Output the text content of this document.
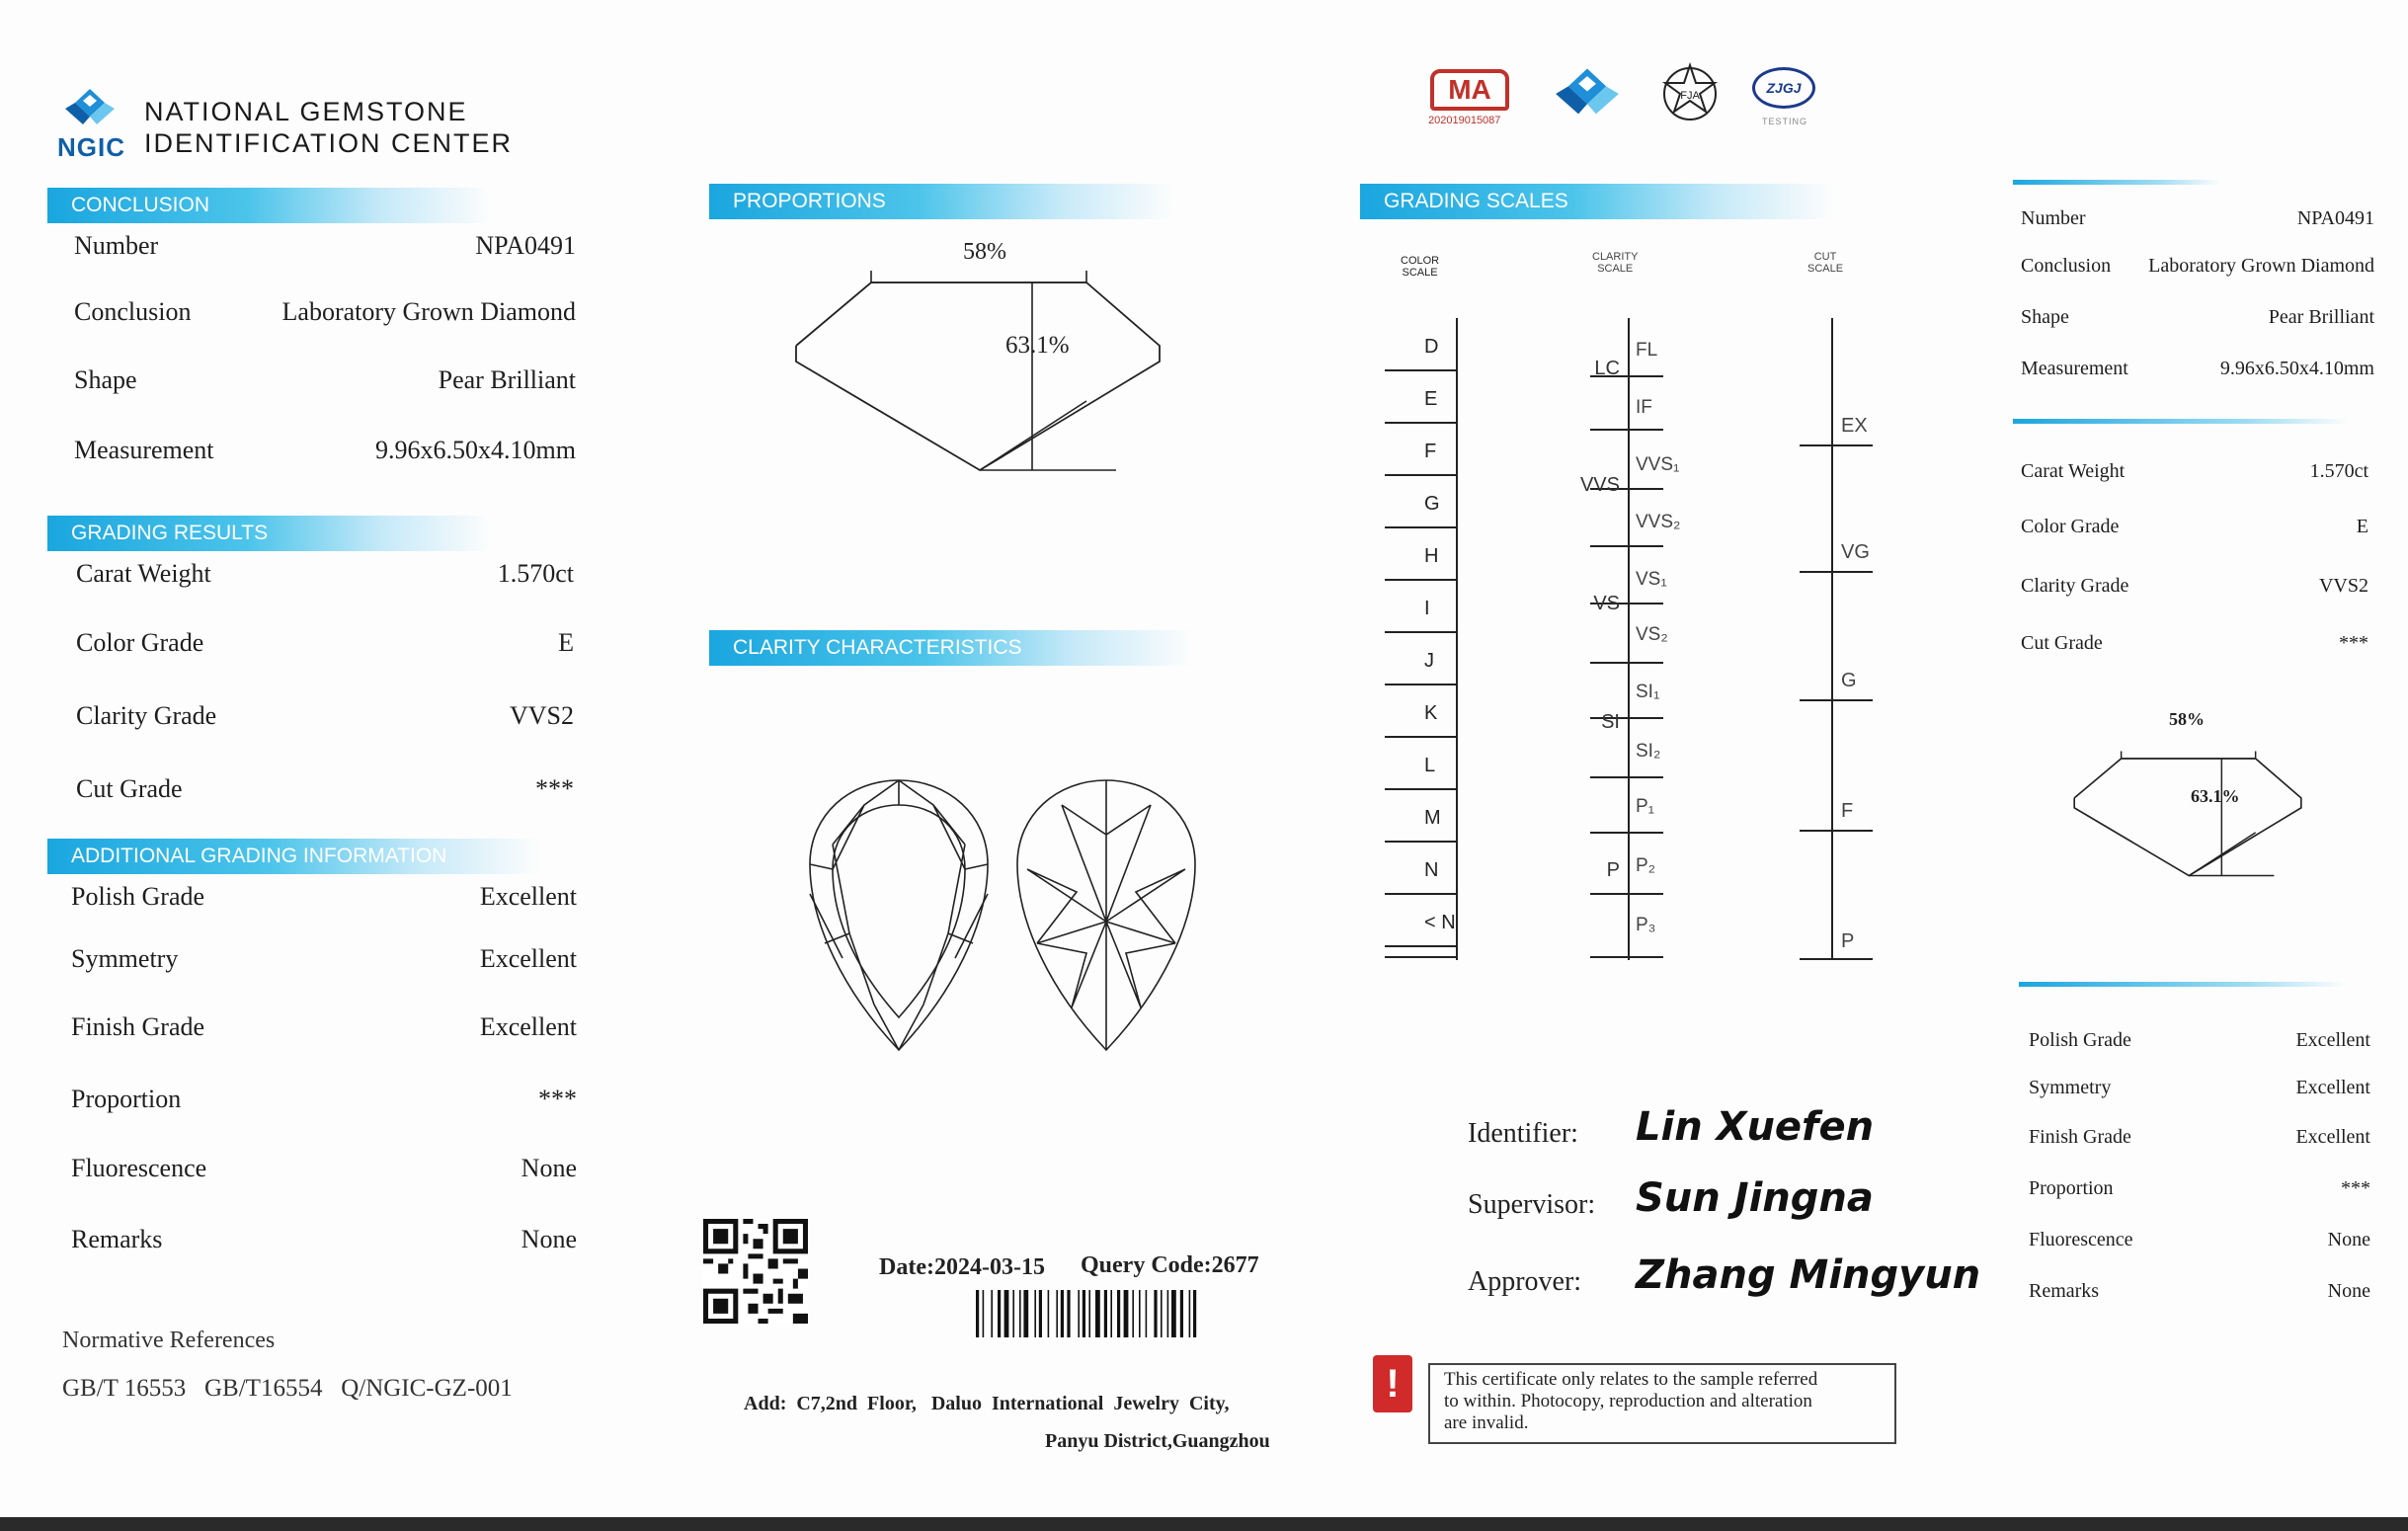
NGIC
NATIONAL GEMSTONE
IDENTIFICATION CENTER
CONCLUSION
Number	NPA0491
Conclusion	Laboratory Grown Diamond
Shape	Pear Brilliant
Measurement	9.96x6.50x4.10mm
GRADING RESULTS
Carat Weight	1.570ct
Color Grade	E
Clarity Grade	VVS2
Cut Grade	***
ADDITIONAL GRADING INFORMATION
Polish Grade	Excellent
Symmetry	Excellent
Finish Grade	Excellent
Proportion	***
Fluorescence	None
Remarks	None
Normative References
GB/T 16553   GB/T16554   Q/NGIC-GZ-001
PROPORTIONS
58%
63.1%
CLARITY CHARACTERISTICS
Date:2024-03-15 Query Code:2677
Add:  C7,2nd  Floor,   Daluo  International  Jewelry  City,
Panyu District,Guangzhou
MA
202019015087
FJA	ZJGJ
TESTING
GRADING SCALES
COLOR
SCALE
CLARITY
SCALE
CUT
SCALE
D
E
F
G
H
I
J
K
L
M
N
< N
FL
IF
VVS₁
VVS₂
VS₁
VS₂
SI₁
SI₂
P₁
P₂
P₃
LC
VVS
VS
SI
P
EX
VG
G
F
P
Identifier: Lin Xuefen
Supervisor: Sun Jingna
Approver: Zhang Mingyun
!	This certificate only relates to the sample referred
to within. Photocopy, reproduction and alteration
are invalid.
Number	NPA0491
Conclusion Laboratory Grown Diamond
Shape	Pear Brilliant
Measurement	9.96x6.50x4.10mm
Carat Weight	1.570ct
Color Grade	E
Clarity Grade	VVS2
Cut Grade	***
58%
63.1%
Polish Grade	Excellent
Symmetry	Excellent
Finish Grade	Excellent
Proportion	***
Fluorescence	None
Remarks	None
